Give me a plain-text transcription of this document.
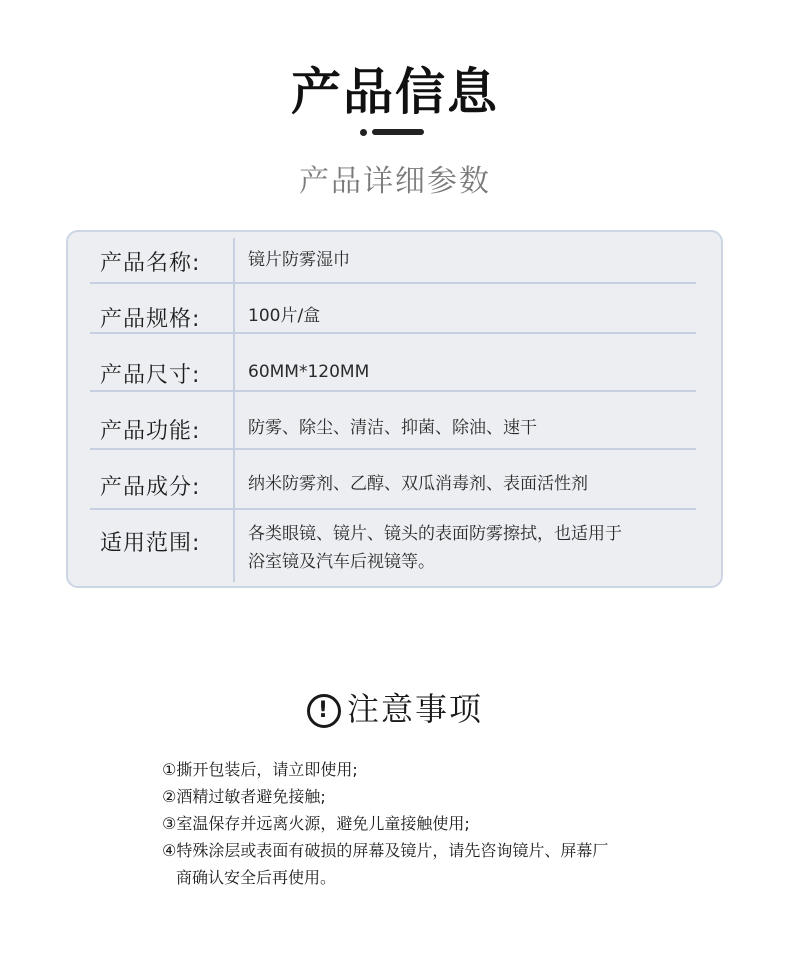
产品信息
产品详细参数
产品名称:	镜片防雾湿巾
产品规格:	100片/盒
产品尺寸:	60MM*120MM
产品功能:	防雾、除尘、清洁、抑菌、除油、速干
产品成分:	纳米防雾剂、乙醇、双瓜消毒剂、表面活性剂
适用范围:	各类眼镜、镜片、镜头的表面防雾擦拭，也适用于
浴室镜及汽车后视镜等。
! 注意事项
①撕开包装后，请立即使用;
②酒精过敏者避免接触;
③室温保存并远离火源，避免儿童接触使用;
④特殊涂层或表面有破损的屏幕及镜片，请先咨询镜片、屏幕厂
商确认安全后再使用。
